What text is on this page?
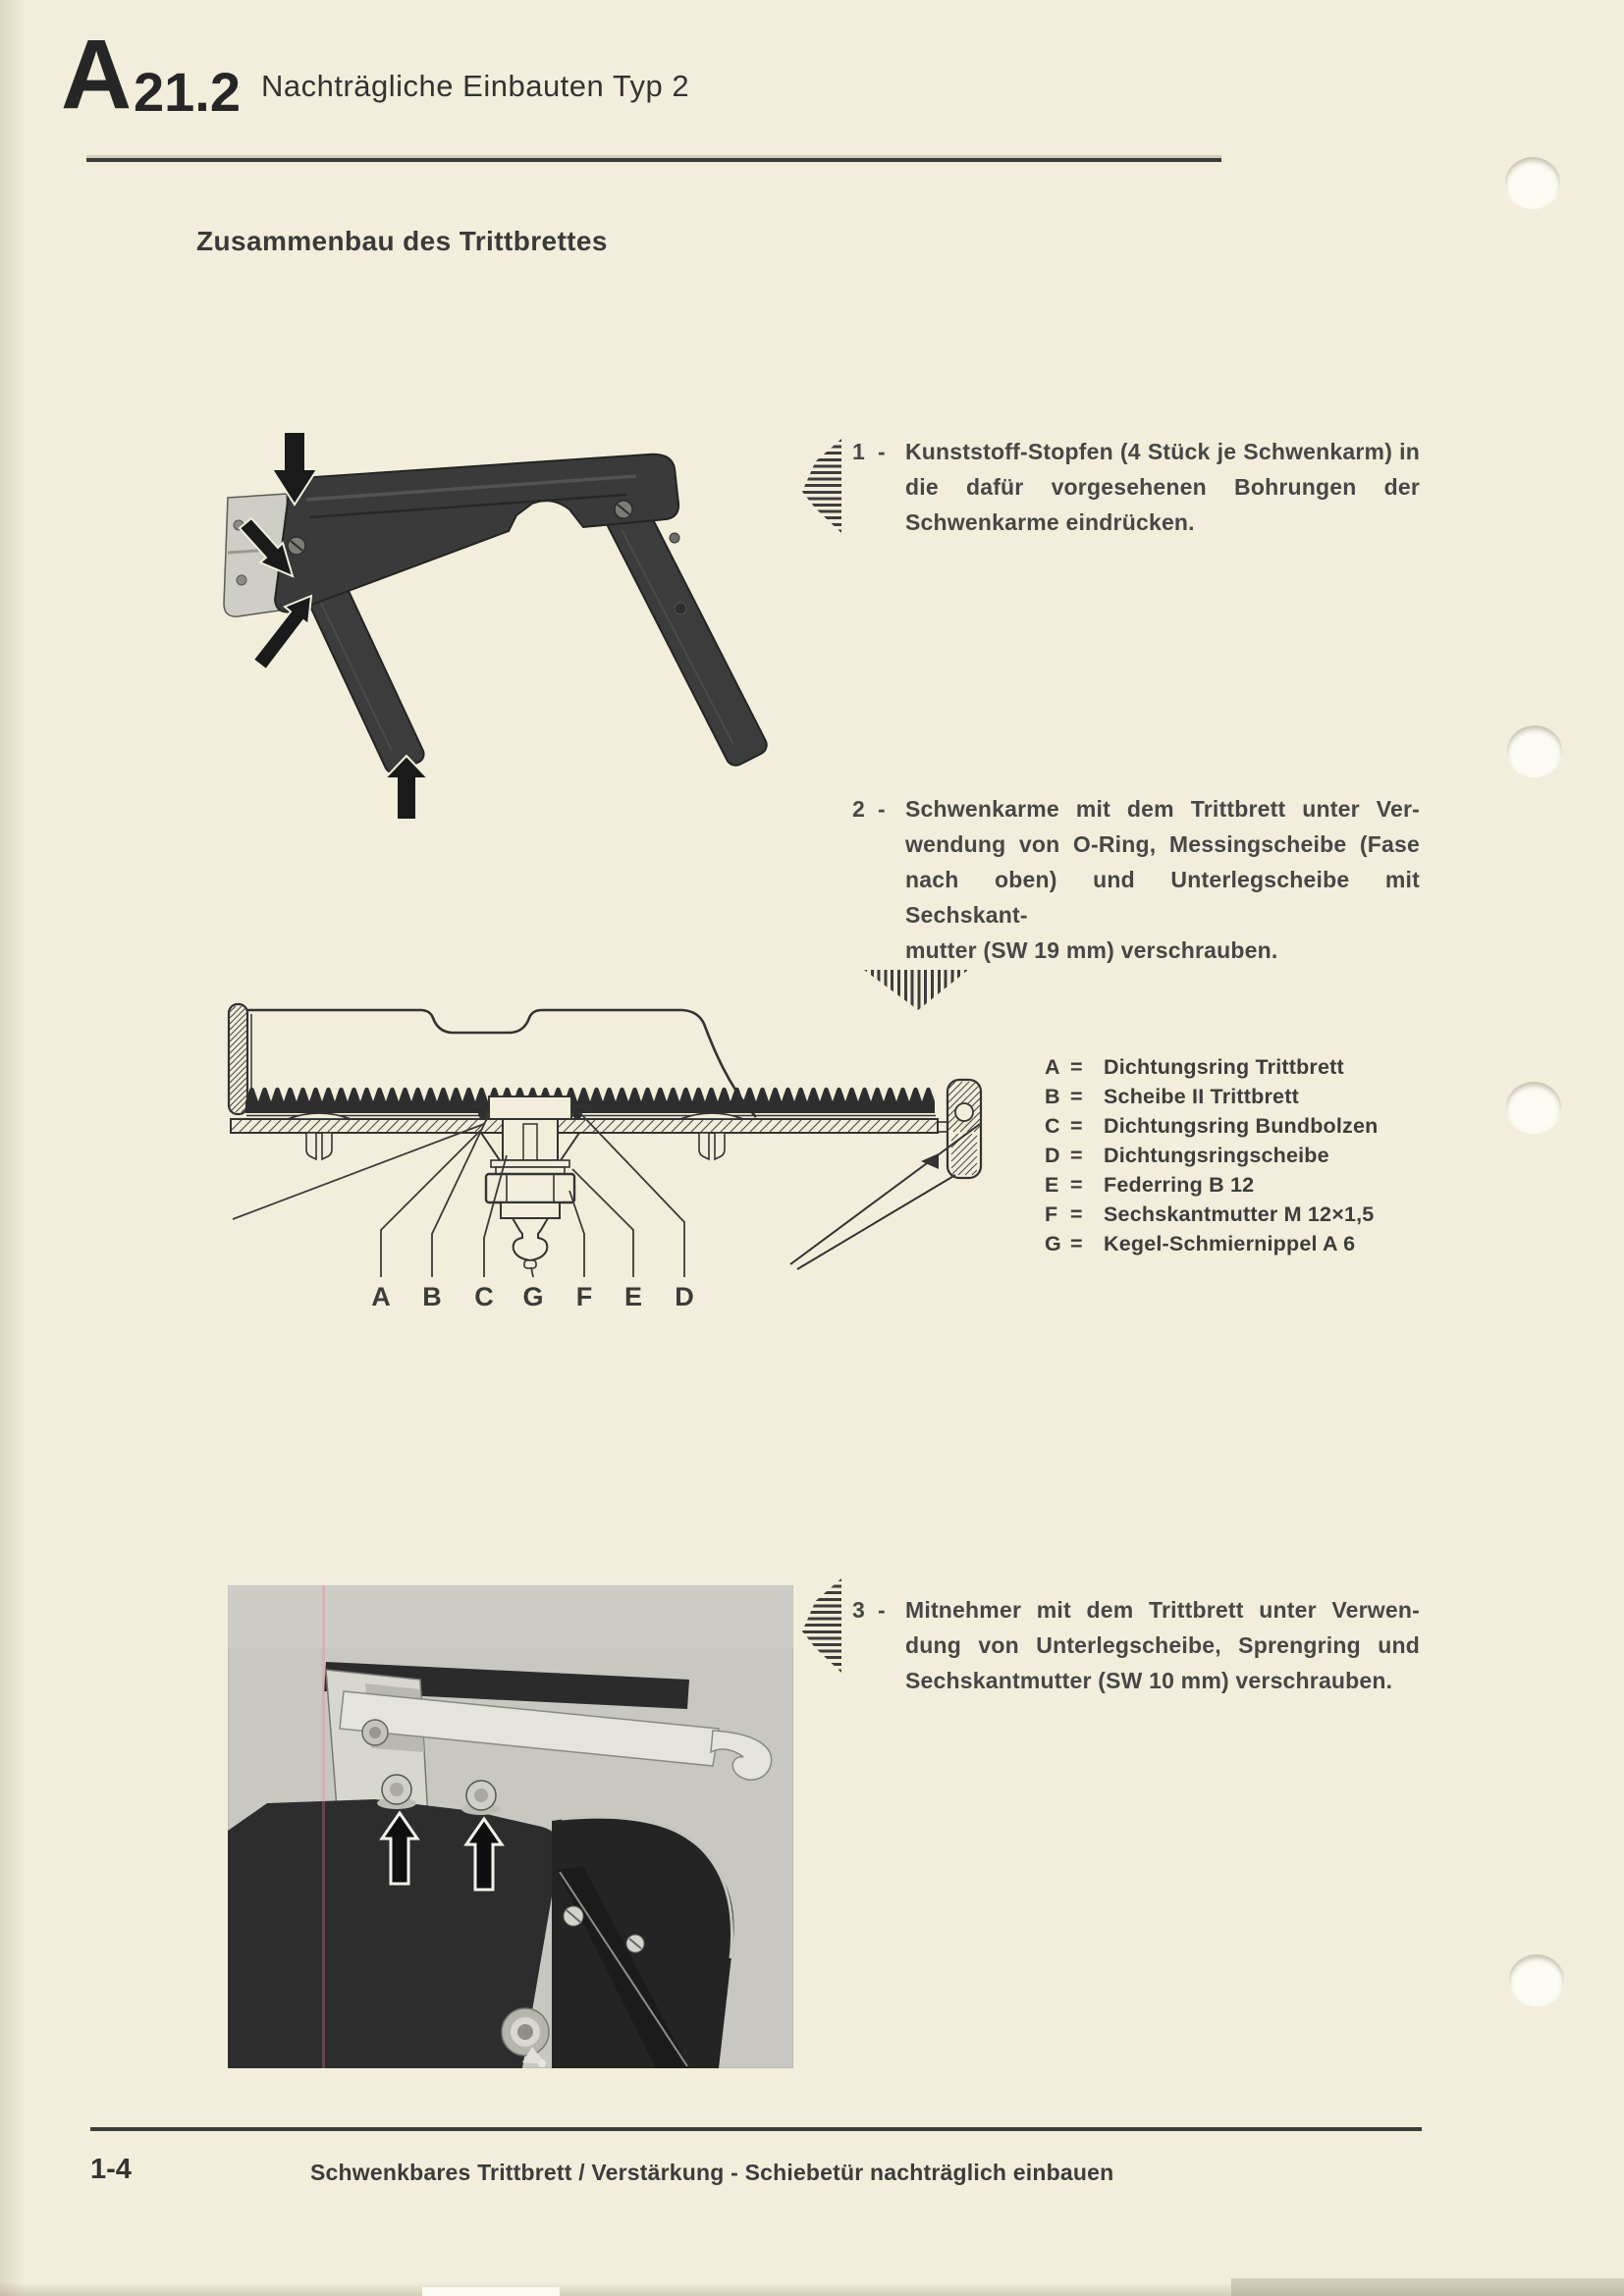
A 21.2 Nachträgliche Einbauten Typ 2
Zusammenbau des Trittbrettes
1 - Kunststoff-Stopfen (4 Stück je Schwenkarm) in
die dafür vorgesehenen Bohrungen der
Schwenkarme eindrücken.
2 - Schwenkarme mit dem Trittbrett unter Ver-
wendung von O-Ring, Messingscheibe (Fase
nach oben) und Unterlegscheibe mit Sechskant-
mutter (SW 19 mm) verschrauben.
A B C G F E D
A = Dichtungsring Trittbrett
B = Scheibe II Trittbrett
C = Dichtungsring Bundbolzen
D = Dichtungsringscheibe
E = Federring B 12
F = Sechskantmutter M 12×1,5
G = Kegel-Schmiernippel A 6
3 - Mitnehmer mit dem Trittbrett unter Verwen-
dung von Unterlegscheibe, Sprengring und
Sechskantmutter (SW 10 mm) verschrauben.
1-4	Schwenkbares Trittbrett / Verstärkung - Schiebetür nachträglich einbauen
